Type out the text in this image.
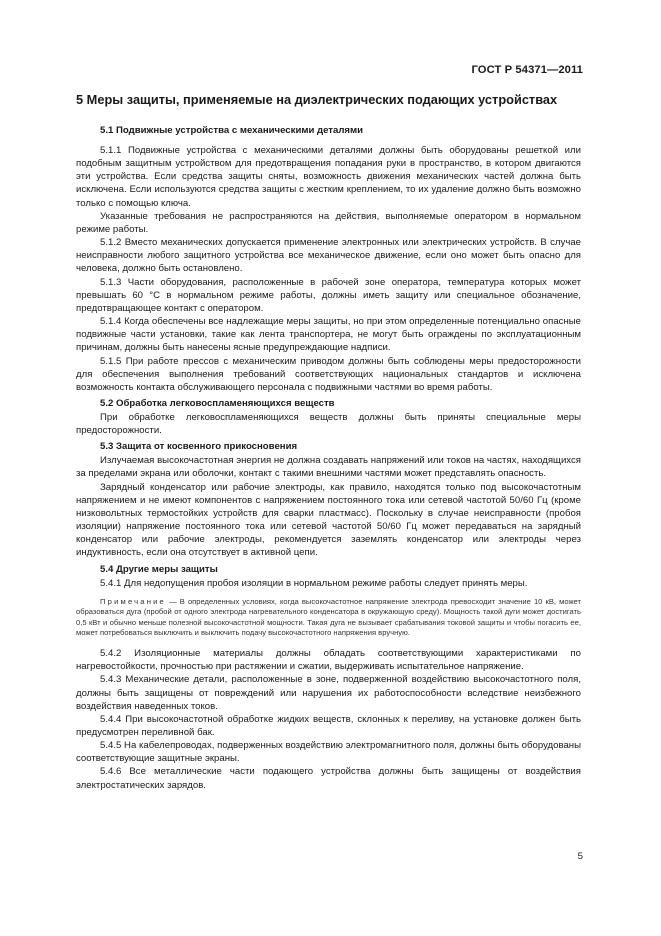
ГОСТ Р 54371—2011
5 Меры защиты, применяемые на диэлектрических подающих устройствах
5.1 Подвижные устройства с механическими деталями

5.1.1 Подвижные устройства с механическими деталями должны быть оборудованы решеткой или подобным защитным устройством для предотвращения попадания руки в пространство, в котором двигаются эти устройства. Если средства защиты сняты, возможность движения механических частей должна быть исключена. Если используются средства защиты с жестким креплением, то их удаление должно быть возможно только с помощью ключа.

Указанные требования не распространяются на действия, выполняемые оператором в нормальном режиме работы.

5.1.2 Вместо механических допускается применение электронных или электрических устройств. В случае неисправности любого защитного устройства все механическое движение, если оно может быть опасно для человека, должно быть остановлено.

5.1.3 Части оборудования, расположенные в рабочей зоне оператора, температура которых может превышать 60 °С в нормальном режиме работы, должны иметь защиту или специальное обозначение, предотвращающее контакт с оператором.

5.1.4 Когда обеспечены все надлежащие меры защиты, но при этом определенные потенциально опасные подвижные части установки, такие как лента транспортера, не могут быть ограждены по эксплуатационным причинам, должны быть нанесены ясные предупреждающие надписи.

5.1.5 При работе прессов с механическим приводом должны быть соблюдены меры предосторожности для обеспечения выполнения требований соответствующих национальных стандартов и исключена возможность контакта обслуживающего персонала с подвижными частями во время работы.

5.2 Обработка легковоспламеняющихся веществ

При обработке легковоспламеняющихся веществ должны быть приняты специальные меры предосторожности.

5.3 Защита от косвенного прикосновения

Излучаемая высокочастотная энергия не должна создавать напряжений или токов на частях, находящихся за пределами экрана или оболочки, контакт с такими внешними частями может представлять опасность.

Зарядный конденсатор или рабочие электроды, как правило, находятся только под высокочастотным напряжением и не имеют компонентов с напряжением постоянного тока или сетевой частотой 50/60 Гц (кроме низковольтных термостойких устройств для сварки пластмасс). Поскольку в случае неисправности (пробоя изоляции) напряжение постоянного тока или сетевой частотой 50/60 Гц может передаваться на зарядный конденсатор или рабочие электроды, рекомендуется заземлять конденсатор или электроды через индуктивность, если она отсутствует в активной цепи.

5.4 Другие меры защиты

5.4.1 Для недопущения пробоя изоляции в нормальном режиме работы следует принять меры.

Примечание — В определенных условиях, когда высокочастотное напряжение электрода превосходит значение 10 кВ, может образоваться дуга (пробой от одного электрода нагревательного конденсатора в окружающую среду). Мощность такой дуги может достигать 0,5 кВт и обычно меньше полезной высокочастотной мощности. Такая дуга не вызывает срабатывания токовой защиты и чтобы погасить ее, может потребоваться выключить и выключить подачу высокочастотного напряжения вручную.

5.4.2 Изоляционные материалы должны обладать соответствующими характеристиками по нагревостойкости, прочностью при растяжении и сжатии, выдерживать испытательное напряжение.

5.4.3 Механические детали, расположенные в зоне, подверженной воздействию высокочастотного поля, должны быть защищены от повреждений или нарушения их работоспособности вследствие неизбежного воздействия наведенных токов.

5.4.4 При высокочастотной обработке жидких веществ, склонных к переливу, на установке должен быть предусмотрен переливной бак.

5.4.5 На кабелепроводах, подверженных воздействию электромагнитного поля, должны быть оборудованы соответствующие защитные экраны.

5.4.6 Все металлические части подающего устройства должны быть защищены от воздействия электростатических зарядов.

5
